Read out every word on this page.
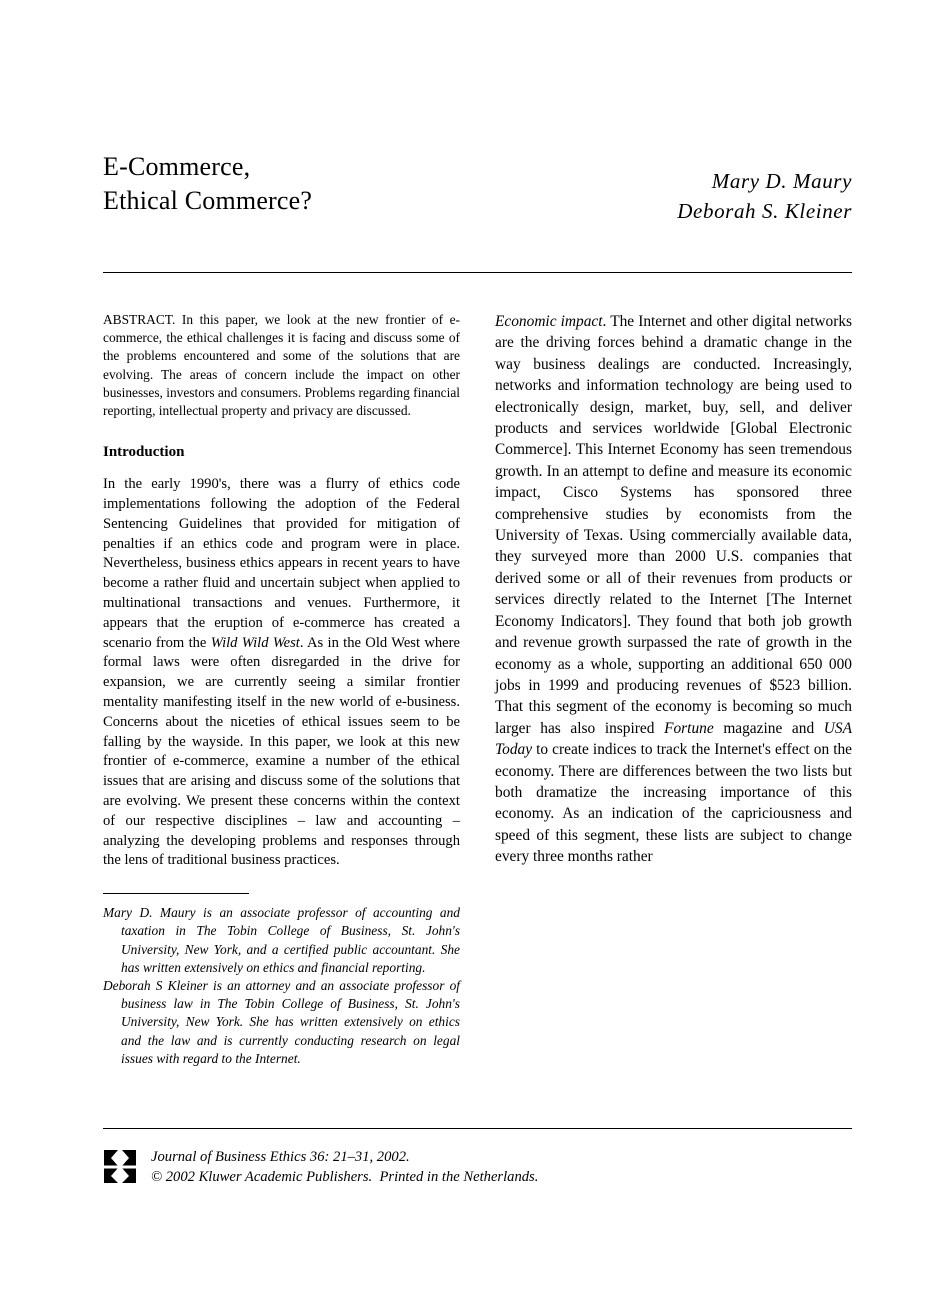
E-Commerce,
Ethical Commerce?
Mary D. Maury
Deborah S. Kleiner

ABSTRACT. In this paper, we look at the new frontier of e-commerce, the ethical challenges it is facing and discuss some of the problems encountered and some of the solutions that are evolving. The areas of concern include the impact on other businesses, investors and consumers. Problems regarding financial reporting, intellectual property and privacy are discussed.

Introduction

In the early 1990's, there was a flurry of ethics code implementations following the adoption of the Federal Sentencing Guidelines that provided for mitigation of penalties if an ethics code and program were in place. Nevertheless, business ethics appears in recent years to have become a rather fluid and uncertain subject when applied to multinational transactions and venues. Furthermore, it appears that the eruption of e-commerce has created a scenario from the Wild Wild West. As in the Old West where formal laws were often disregarded in the drive for expansion, we are currently seeing a similar frontier mentality manifesting itself in the new world of e-business. Concerns about the niceties of ethical issues seem to be falling by the wayside. In this paper, we look at this new frontier of e-commerce, examine a number of the ethical issues that are arising and discuss some of the solutions that are evolving. We present these concerns within the context of our respective disciplines – law and accounting – analyzing the developing problems and responses through the lens of traditional business practices.

Mary D. Maury is an associate professor of accounting and taxation in The Tobin College of Business, St. John's University, New York, and a certified public accountant. She has written extensively on ethics and financial reporting.

Deborah S Kleiner is an attorney and an associate professor of business law in The Tobin College of Business, St. John's University, New York. She has written extensively on ethics and the law and is currently conducting research on legal issues with regard to the Internet.

Economic impact. The Internet and other digital networks are the driving forces behind a dramatic change in the way business dealings are conducted. Increasingly, networks and information technology are being used to electronically design, market, buy, sell, and deliver products and services worldwide [Global Electronic Commerce]. This Internet Economy has seen tremendous growth. In an attempt to define and measure its economic impact, Cisco Systems has sponsored three comprehensive studies by economists from the University of Texas. Using commercially available data, they surveyed more than 2000 U.S. companies that derived some or all of their revenues from products or services directly related to the Internet [The Internet Economy Indicators]. They found that both job growth and revenue growth surpassed the rate of growth in the economy as a whole, supporting an additional 650 000 jobs in 1999 and producing revenues of $523 billion. That this segment of the economy is becoming so much larger has also inspired Fortune magazine and USA Today to create indices to track the Internet's effect on the economy. There are differences between the two lists but both dramatize the increasing importance of this economy. As an indication of the capriciousness and speed of this segment, these lists are subject to change every three months rather

Journal of Business Ethics 36: 21–31, 2002.
© 2002 Kluwer Academic Publishers.  Printed in the Netherlands.
